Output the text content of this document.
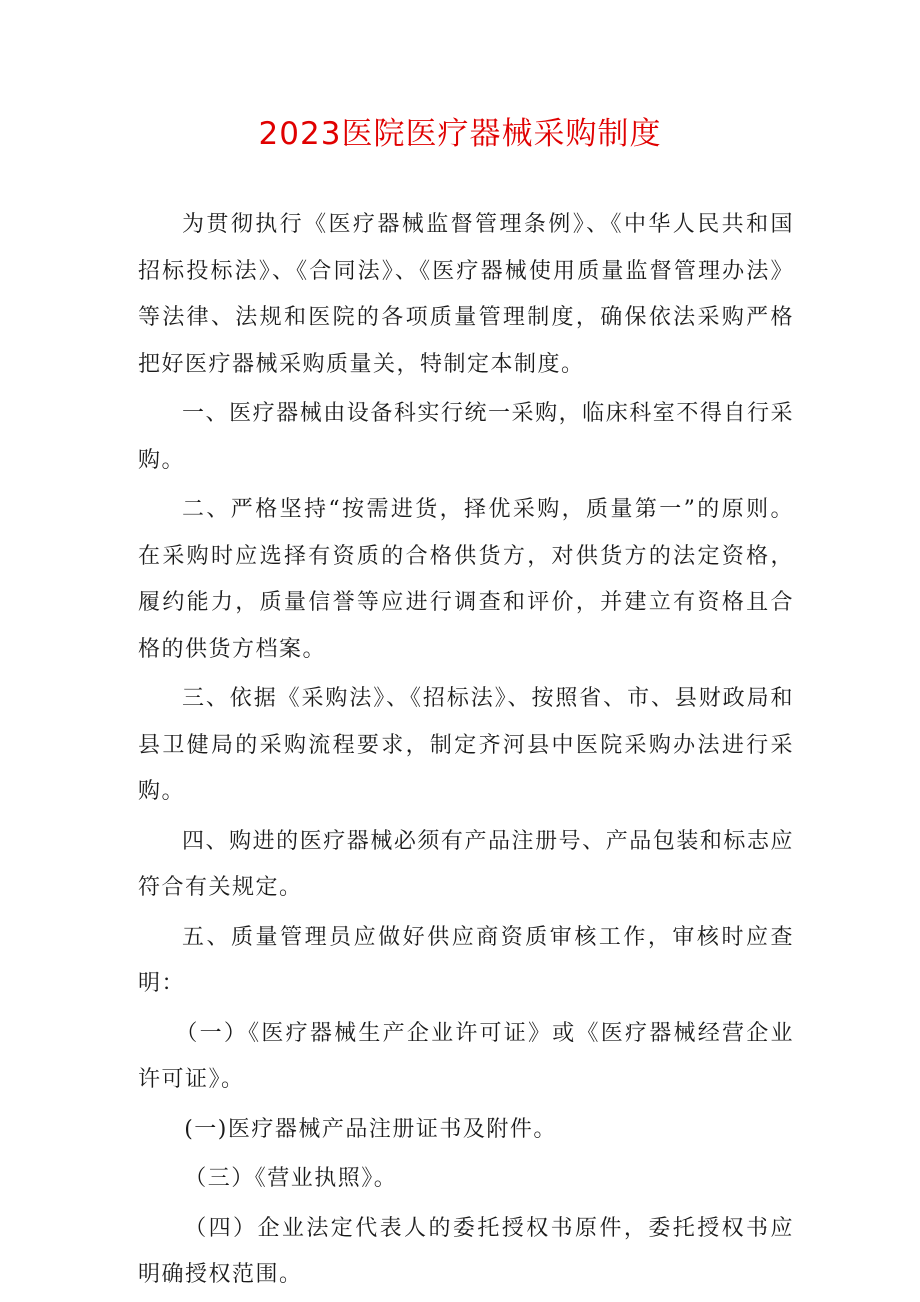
2023医院医疗器械采购制度

为贯彻执行《医疗器械监督管理条例》、《中华人民共和国招标投标法》、《合同法》、《医疗器械使用质量监督管理办法》等法律、法规和医院的各项质量管理制度，确保依法采购严格把好医疗器械采购质量关，特制定本制度。

一、医疗器械由设备科实行统一采购，临床科室不得自行采购。

二、严格坚持“按需进货，择优采购，质量第一”的原则。在采购时应选择有资质的合格供货方，对供货方的法定资格，履约能力，质量信誉等应进行调查和评价，并建立有资格且合格的供货方档案。

三、依据《采购法》、《招标法》、按照省、市、县财政局和县卫健局的采购流程要求，制定齐河县中医院采购办法进行采购。

四、购进的医疗器械必须有产品注册号、产品包装和标志应符合有关规定。

五、质量管理员应做好供应商资质审核工作，审核时应查明：

（一）《医疗器械生产企业许可证》或《医疗器械经营企业许可证》。

(一)医疗器械产品注册证书及附件。

（三）《营业执照》。

（四）企业法定代表人的委托授权书原件，委托授权书应明确授权范围。
